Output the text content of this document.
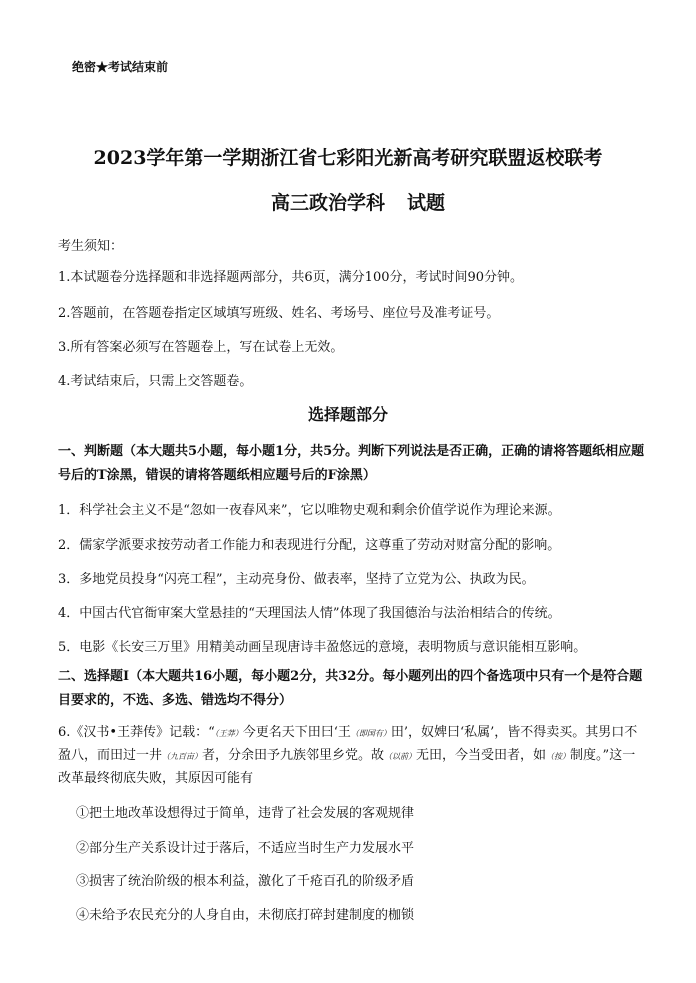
绝密★考试结束前
2023学年第一学期浙江省七彩阳光新高考研究联盟返校联考
高三政治学科 试题
考生须知：
1.本试题卷分选择题和非选择题两部分，共6页，满分100分，考试时间90分钟。
2.答题前，在答题卷指定区域填写班级、姓名、考场号、座位号及准考证号。
3.所有答案必须写在答题卷上，写在试卷上无效。
4.考试结束后，只需上交答题卷。
选择题部分
一、判断题（本大题共5小题，每小题1分，共5分。判断下列说法是否正确，正确的请将答题纸相应题号后的T涂黑，错误的请将答题纸相应题号后的F涂黑）
1．科学社会主义不是“忽如一夜春风来”，它以唯物史观和剩余价值学说作为理论来源。
2．儒家学派要求按劳动者工作能力和表现进行分配，这尊重了劳动对财富分配的影响。
3．多地党员投身“闪亮工程”，主动亮身份、做表率，坚持了立党为公、执政为民。
4．中国古代官衙审案大堂悬挂的“天理国法人情”体现了我国德治与法治相结合的传统。
5．电影《长安三万里》用精美动画呈现唐诗丰盈悠远的意境，表明物质与意识能相互影响。
二、选择题Ⅰ（本大题共16小题，每小题2分，共32分。每小题列出的四个备选项中只有一个是符合题目要求的，不选、多选、错选均不得分）
6.《汉书•王莽传》记载：“（王莽）今更名天下田曰‘王（即国有）田’，奴婢曰‘私属’，皆不得卖买。其男口不盈八，而田过一井（九百亩）者，分余田予九族邻里乡党。故（以前）无田，今当受田者，如（按）制度。”这一改革最终彻底失败，其原因可能有
①把土地改革设想得过于简单，违背了社会发展的客观规律
②部分生产关系设计过于落后，不适应当时生产力发展水平
③损害了统治阶级的根本利益，激化了千疮百孔的阶级矛盾
④未给予农民充分的人身自由，未彻底打碎封建制度的枷锁
